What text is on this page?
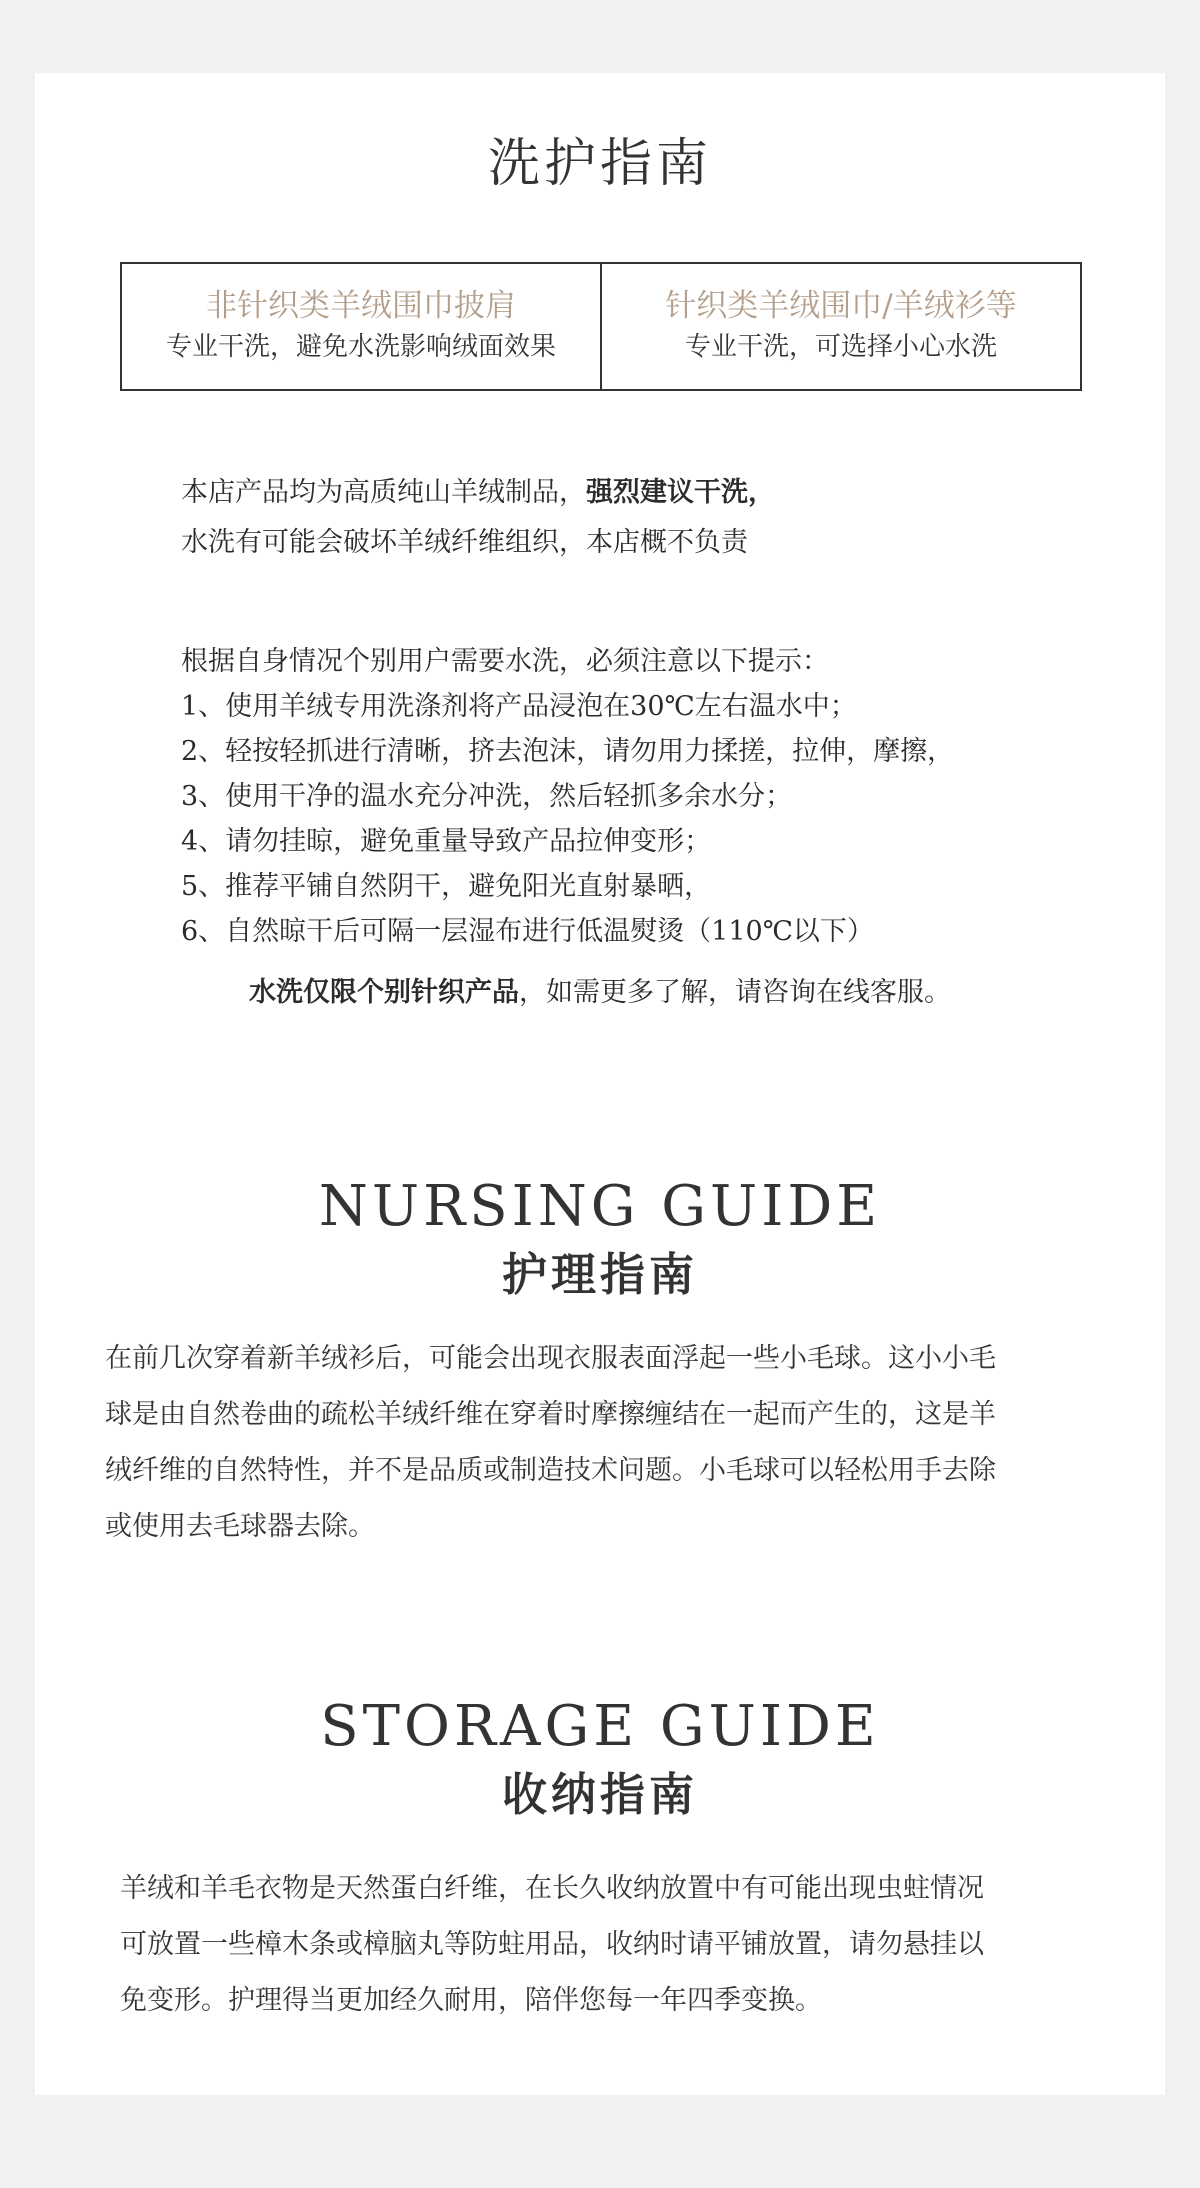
洗护指南
非针织类羊绒围巾披肩
专业干洗，避免水洗影响绒面效果
针织类羊绒围巾/羊绒衫等
专业干洗，可选择小心水洗
本店产品均为高质纯山羊绒制品，强烈建议干洗，
水洗有可能会破坏羊绒纤维组织，本店概不负责
根据自身情况个别用户需要水洗，必须注意以下提示：
1、使用羊绒专用洗涤剂将产品浸泡在30℃左右温水中；
2、轻按轻抓进行清晰，挤去泡沫，请勿用力揉搓，拉伸，摩擦，
3、使用干净的温水充分冲洗，然后轻抓多余水分；
4、请勿挂晾，避免重量导致产品拉伸变形；
5、推荐平铺自然阴干，避免阳光直射暴晒，
6、自然晾干后可隔一层湿布进行低温熨烫（110℃以下）
水洗仅限个别针织产品，如需更多了解，请咨询在线客服。
NURSING GUIDE
护理指南
在前几次穿着新羊绒衫后，可能会出现衣服表面浮起一些小毛球。这小小毛
球是由自然卷曲的疏松羊绒纤维在穿着时摩擦缠结在一起而产生的，这是羊
绒纤维的自然特性，并不是品质或制造技术问题。小毛球可以轻松用手去除
或使用去毛球器去除。
STORAGE GUIDE
收纳指南
羊绒和羊毛衣物是天然蛋白纤维，在长久收纳放置中有可能出现虫蛀情况
可放置一些樟木条或樟脑丸等防蛀用品，收纳时请平铺放置，请勿悬挂以
免变形。护理得当更加经久耐用，陪伴您每一年四季变换。
